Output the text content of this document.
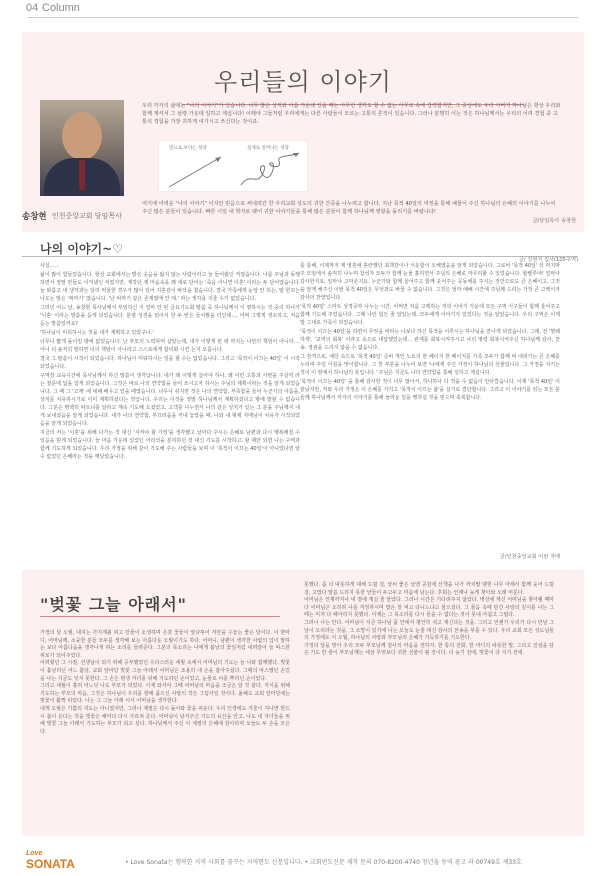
04 Column
우리들의 이야기

우리 각자의 삶에는 "나의 이야기"가 있습니다. 너무 많은 상처와 아픔 가운데 있을 때는 아무런 생각도 할 수 없는 아무로 속에 강력합지만, 그 중심에도 우리 아버지 하나님은 항상 우리와 함께 계셔서 그 심령 가운데 일하고 계십니다! 이래야 그들처럼 우리에게는 다른 사람들이 모르는 고통의 흔적이 있습니다. 그러나 분명히 이는 것은 하나님께서는 우리의 어려 경험 중 고통의 경험을 가장 귀하게 여기시고 쓰신다는 것이죠.

말으로 보이는 성장	실제로 일어나는 성장

여기에 어려운 "나의 이야기" 이지만 믿음으로 써내려간 한 우리교회 성도의 귀한 간증을 나누려고 합니다. 지난 목적 40일의 여정을 통해 예물이 주신 하나님의 은혜의 이야기를 나누어 주신 많은 분들이 있습니다. 빠른 시일 내 학자로 맺어 귀한 이야기들을 통해 많은 분들이 함께 하나님께 영광을 돌리기를 바랍니다!

글/담임목사 송창현
송창현 인천중앙교회 담임목사
나의 이야기~♡

사실......

삶이 많이 힘들었습니다. 항상 교회에서는 밝은 웃음을 잃지 않는 사람이라고 늘 들어왔던 저였습니다. 나름 주님과 동행하면서 정말 만들도 이겨냈던 저였지만, 재작년 제 마음속을 꽤 새로 단어는 '죽음 이니면 이혼' 이라는 두 단어였습니다. 늘 와름고 내 생각과는 달리 억울한 경우가 많이 있어 지혼감이 바닥을 쳤습니다. 결국 가족에게 눈앞 안 되는, 말 한꼬는 나오는 말은 '짜까기' 였습니다. '난 싸까기 같은 존재였에 안 돼.' 라는 생각을 지울 수가 없었습니다.

그러던 어느 날, 송창현 목사님께서 부임하신 지 얼마 안 된 금요기도회 말씀 중 하나님께서 이 땅하시는 것 중의 하나가 '이혼' 이라는 말씀을 듣게 되었습니다. 분명 성경을 읽어서 한 두 번은 들어봤을 터인데..., 어쩌 그렇게 생소하고, 처음 듣는 말씀일까요?

'하나님이 미워하시는 것을 내가 계획하고 있었구나.'

너무나 짧게 돌이킬 밖에 없었습니다. 난 부모의 노력하며 살았는데, 내가 이렇게 된 데 까지는 나만의 책임이 아니라..., 아니 더 솔직히 말하면 너의 책임이 아니라고 스스로에게 합리화 시킨 는지 모릅니다.

결국 그 말씀이 시작이 되었습니다. 하나님이 미워하시는 일을 할 수는 없었습니다. 그리고 '목적이 이끄는 40일' 이 시작되었습니다.

구역장 교육시간에 목사님께서 하신 말씀이 생각납니다. 내가 왜 이렇게 살아야 하나, 왜 이런 고통과 시련을 주실까 라는 절문에 답을 얻게 되었습니다. 그것은 바로 나의 연약함을 들어 쓰시고자 하시는 주님의 계획이라는 것을 알게 되었습니다. 그 때 그 '고계' 에 대해 배우고 있을 때였습니다. 너무나 쉬지만 것은 나의 연약함, 부족함을 들어 누군가의 아픔을, 상처를 치유하시기로 이미 계획하셨다는 것입니다. 우리는 이것을 정말 하나님께서 계획하셨다고 밖에 말할 수 없습니다. 그분은 명백히 파트너를 달라고 계속 기도해 오셨었고, 고객를 나누면서 나의 같은 상처가 있는 그 분을 주님께서 내게 보내셨음을 알게 되었습니다. 내가 나의 연약함, 부끄러움을 꺼내 놓았을 때, 나와 내 형제 자매님이 치유가 시작되었음을 알게 되었습니다.

지금의 저는 '이혼'을 위해 다가는 것 대신 '지켜야 할 가정'을 생각했고 날마다 주시는 은혜로 남편과 다시 행복해질 수 있음을 믿게 되었습니다. 늘 마음 가운데 있었던 어리석을 분리하던 것 대신 기도를 시작하고, 할 때만 되면 나는 구역과 함께 기도하게 되었습니다. 우리 가정을 위해 같이 기도해 주는 사람들을 보며 이 '목적이 이끄는 40일'이 아니었다면 알 수 없었던 은혜라는 것을 깨달았습니다.

를 통해, 이제까지 제 영혼에 혼란했던 최책감이나 서운함이 오해였음을 알게 되었습니다. 그로써 '목적 40일' 의 마지막 주 모임에서 솔직히 나누며 참석자 모두가 함께 눈물 흘리면서 주님의 은혜로 마무리할 수 있었습니다. 할렐루야! 얼마나 감사한지요. 일마나 고마운지요. 누군가와 함께 울어주고 함께 웃어주는 공동체를 주시는 것만으로도 큰 은혜이고, 그것을 알게 해주신 이번 목적 40일은 무엇과도 바꿀 수 없습니다. 그것은 엄마 예배 시간에 주님께 드리는 가장 큰 고백이자 감사의 찬양입니다.

'목적 40일' 스마트 성경공부 나누는 시간, 어쩌면 처음 고백하는 저의 이야기 가운데 모든 구역 식구들이 함께 울어주고 함께 기도해 주었습니다. 그때 나만 힘든 줄 알았는데, 모두에게 이야기가 있었다는 것을 알았습니다. 우리 구역은 이제 말 그대로 가족이 되었습니다.

'목적이 이끄는 40일'을 하면서 무엇을 바라는 나보다 하신 목적을 이루시는 하나님을 만나게 되었습니다. 그래, 전 '명쾌하게', '교역의 회복' 이라고 속으로 대답했었는데... 관계를 회복시켜주시고 나의 명령 회복시켜주신 하나님께 감사, 찬송, 영광을 드리지 않을 수 없습니다.

그 감격으로, 예당 속으로 '목적 40일' 준비 개인 노트의 한 페이지 한 페이지를 가족 모두가 함께 써 내려가는 큰 은혜를 누리며 주일 아침을 맞이합니다. 그 한 부분을 나누어 보면 '나에게 주신 가정이 하나님의 선물입니다. 그 가정을 지키는 것이 이 땅에서 하나님의 뜻입니다.' 주님은 지금도 나의 연약함을 통해 일하고 계십니다.

'목적이 이끄는 40일' 을 통해 감사한 것이 너무 많아서, 하나하나 다 적을 수 없음이 안타깝습니다. 이제 '목적 40일' 이 끝났지만, 저와 우리 가정은 이 은혜를 가지고 '목적이 이끄는 삶'을 살기로 결단합니다. 그리고 이 이야기를 읽는 모든 분들께 하나님께서 각자의 이야기를 통해 놀라운 일을 행하실 것을 믿으며 축복합니다.

글/인천중앙교회 어떤 자매
"벚꽃 그늘 아래서"

가정의 달 오월, 대지는 가지계볼 피고 만물이 소생하며 온갖 꽃들이 앞다투어 저만을 수놓는 좋은 달이다. 이 한마디, 어머님께, 소중한 분들 모두를 생각해 보는 아름다운 오월이기도 하다. 어머니, 남편이 생각한 사람의 입이 말하는 보다 아름다움을 생각나게 하는 소리를 들려준다. 그분의 목소리는 나에게 봄날의 꽃잎처럼 내려앉아 늘 따스한 위로가 되어주었다.

어려웠던 그 시절, 선생님이 되기 위해 공부했었던 수다스러운 세월 속에서 어머님의 기도는 늘 나와 함께했다. 벚꽃이 흩날리던 어느 봄날, 교회 앞마당 벚꽃 그늘 아래서 어머님은 조용히 내 손을 잡아주셨다. 그때의 따스했던 손길을 나는 지금도 잊지 못한다. 그 손은 평생 자녀를 위해 기도하던 손이었고, 눈물로 씨를 뿌리던 손이었다.

그리고 세월이 흘러 어느덧 나도 부모가 되었다. 이제 와서야 그때 어머님의 마음을 조금은 알 것 같다. 자식을 위해 기도하는 부모의 마음, 그것은 하나님이 우리를 향해 품으신 사랑의 작은 그림자일 것이다. 올해도 교회 앞마당에는 벚꽃이 활짝 피었다. 나는 그 그늘 아래 서서 어머님을 생각한다.

내게 오월은 기쁨의 지도는 아니였지만, 그러나 계절은 다시 돌아와 꽃을 피운다. 우리 인생에도 겨울이 지나면 반드시 봄이 온다는 것을 벚꽃은 해마다 다시 가르쳐 준다. 어머님이 남겨주신 기도의 유산을 안고, 나도 내 자녀들을 위해 벚꽃 그늘 아래서 기도하는 부모가 되고 싶다. 하나님께서 주신 이 계절의 은혜에 감사하며 오늘도 두 손을 모은다.

못했다. 좀 더 따뜻하게 대해 드릴 걸, 날씨 좋은 날엔 공원에 산책을 나가 까치밥 맺힌 나무 아래서 함께 웃어 드릴 걸, 고맙다 말씀 드리지 못한 날들이 두고두고 마음에 남는다. 후회는 언제나 늦게 찾아와 오래 머문다.

어머님은 언제까지나 내 곁에 계실 줄 알았다. 그러나 시간은 기다려주지 않았다. 병상에 계신 어머님을 찾아뵐 때마다 어머님은 오히려 나를 걱정하시며 밥은 잘 먹고 다니느냐고 물으셨다. 그 물음 속에 담긴 사랑의 깊이를 나는 그때는 미처 다 헤아리지 못했다. 이제는 그 목소리를 다시 들을 수 없다는 것이 못내 아쉽고 그립다.

그러나 나는 안다. 어머님이 지금 하나님 품 안에서 평안히 쉬고 계신다는 것을. 그리고 언젠가 우리가 다시 만날 그날이 오리라는 것을. 그 소망이 있기에 나는 오늘도 눈물 대신 감사의 찬송을 부를 수 있다. 우리 교회 모든 성도님들의 가정에도 이 오월, 하나님의 사랑과 부모님의 은혜가 가득하기를 기도한다.

가정의 달을 맞아 우리 모두 부모님께 감사의 마음을 전하자. 한 통의 전화, 한 마디의 따뜻한 말, 그리고 진심을 담은 기도 한 줄이 부모님께는 세상 무엇보다 귀한 선물이 될 것이다. 더 늦기 전에, 벚꽃이 다 지기 전에.

글/ 김현지 집사(105구역)
Love
SONATA	• Love Sonata는 행복한 지역 사회를 꿈꾸는 지역현도 신문입니다. • 교회연도신문 제작 문의 070-8200-4740 청년을 동역 광고 라 00749호 제33호
